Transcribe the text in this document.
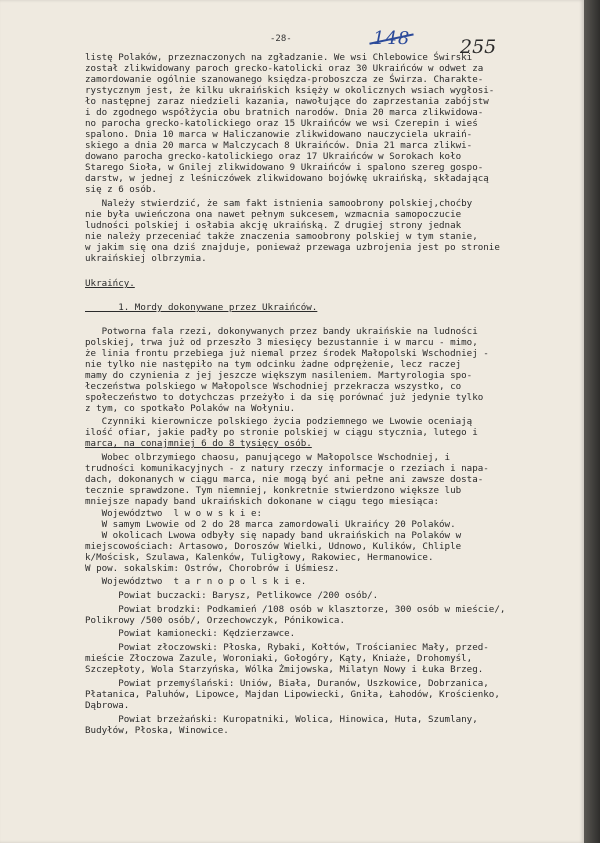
-28-	148	255
listę Polaków, przeznaczonych na zgładzanie. We wsi Chlebowice Świrski
został zlikwidowany paroch grecko-katolicki oraz 30 Ukraińców w odwet za
zamordowanie ogólnie szanowanego księdza-proboszcza ze Świrza. Charakte-
rystycznym jest, że kilku ukraińskich księży w okolicznych wsiach wygłosi-
ło następnej zaraz niedzieli kazania, nawołujące do zaprzestania zabójstw
i do zgodnego współżycia obu bratnich narodów. Dnia 20 marca zlikwidowa-
no parocha grecko-katolickiego oraz 15 Ukraińców we wsi Czerepin i wieś
spalono. Dnia 10 marca w Haliczanowie zlikwidowano nauczyciela ukraiń-
skiego a dnia 20 marca w Malczycach 8 Ukraińców. Dnia 21 marca zlikwi-
dowano parocha grecko-katolickiego oraz 17 Ukraińców w Sorokach koło
Starego Sioła, w Gnilej zlikwidowano 9 Ukraińców i spalono szereg gospo-
darstw, w jednej z leśniczówek zlikwidowano bojówkę ukraińską, składającą
się z 6 osób.
Należy stwierdzić, że sam fakt istnienia samoobrony polskiej,choćby
nie była uwieńczona ona nawet pełnym sukcesem, wzmacnia samopoczucie
ludności polskiej i osłabia akcję ukraińską. Z drugiej strony jednak
nie należy przeceniać także znaczenia samoobrony polskiej w tym stanie,
w jakim się ona dziś znajduje, ponieważ przewaga uzbrojenia jest po stronie
ukraińskiej olbrzymia.
Ukraińcy.
1. Mordy dokonywane przez Ukraińców.
Potworna fala rzezi, dokonywanych przez bandy ukraińskie na ludności
polskiej, trwa już od przeszło 3 miesięcy bezustannie i w marcu - mimo,
że linia frontu przebiega już niemal przez środek Małopolski Wschodniej -
nie tylko nie następiło na tym odcinku żadne odprężenie, lecz raczej
mamy do czynienia z jej jeszcze większym nasileniem. Martyrologia spo-
łeczeństwa polskiego w Małopolsce Wschodniej przekracza wszystko, co
społeczeństwo to dotychczas przeżyło i da się porównać już jedynie tylko
z tym, co spotkało Polaków na Wołyniu.
Czynniki kierownicze polskiego życia podziemnego we Lwowie oceniają
ilość ofiar, jakie padły po stronie polskiej w ciągu stycznia, lutego i
marca, na conajmniej 6 do 8 tysięcy osób.
Wobec olbrzymiego chaosu, panującego w Małopolsce Wschodniej, i
trudności komunikacyjnych - z natury rzeczy informacje o rzeziach i napa-
dach, dokonanych w ciągu marca, nie mogą być ani pełne ani zawsze dosta-
tecznie sprawdzone. Tym niemniej, konkretnie stwierdzono większe lub
mniejsze napady band ukraińskich dokonane w ciągu tego miesiąca:
Województwo  l w o w s k i e:
W samym Lwowie od 2 do 28 marca zamordowali Ukraińcy 20 Polaków.
W okolicach Lwowa odbyły się napady band ukraińskich na Polaków w
miejscowościach: Artasowo, Doroszów Wielki, Udnowo, Kulików, Chliple
k/Mościsk, Szulawa, Kalenków, Tuligłowy, Rakowiec, Hermanowice.
W pow. sokalskim: Ostrów, Chorobrów i Uśmiesz.
Województwo  t a r n o p o l s k i e.
Powiat buczacki: Barysz, Petlikowce /200 osób/.
Powiat brodzki: Podkamień /108 osób w klasztorze, 300 osób w mieście/,
Polikrowy /500 osób/, Orzechowczyk, Pónikowica.
Powiat kamionecki: Kędzierzawce.
Powiat złoczowski: Płoska, Rybaki, Kołtów, Trościaniec Mały, przed-
mieście Złoczowa Zazule, Woroniaki, Gołogóry, Kąty, Kniaże, Drohomyśl,
Szczepłoty, Wola Starzyńska, Wólka Żmijowska, Milatyn Nowy i Łuka Brzeg.
Powiat przemyślański: Uniów, Biała, Duranów, Uszkowice, Dobrzanica,
Płatanica, Paluhów, Lipowce, Majdan Lipowiecki, Gniła, Łahodów, Krościenko,
Dąbrowa.
Powiat brzeżański: Kuropatniki, Wolica, Hinowica, Huta, Szumlany,
Budyłów, Płoska, Winowice.
